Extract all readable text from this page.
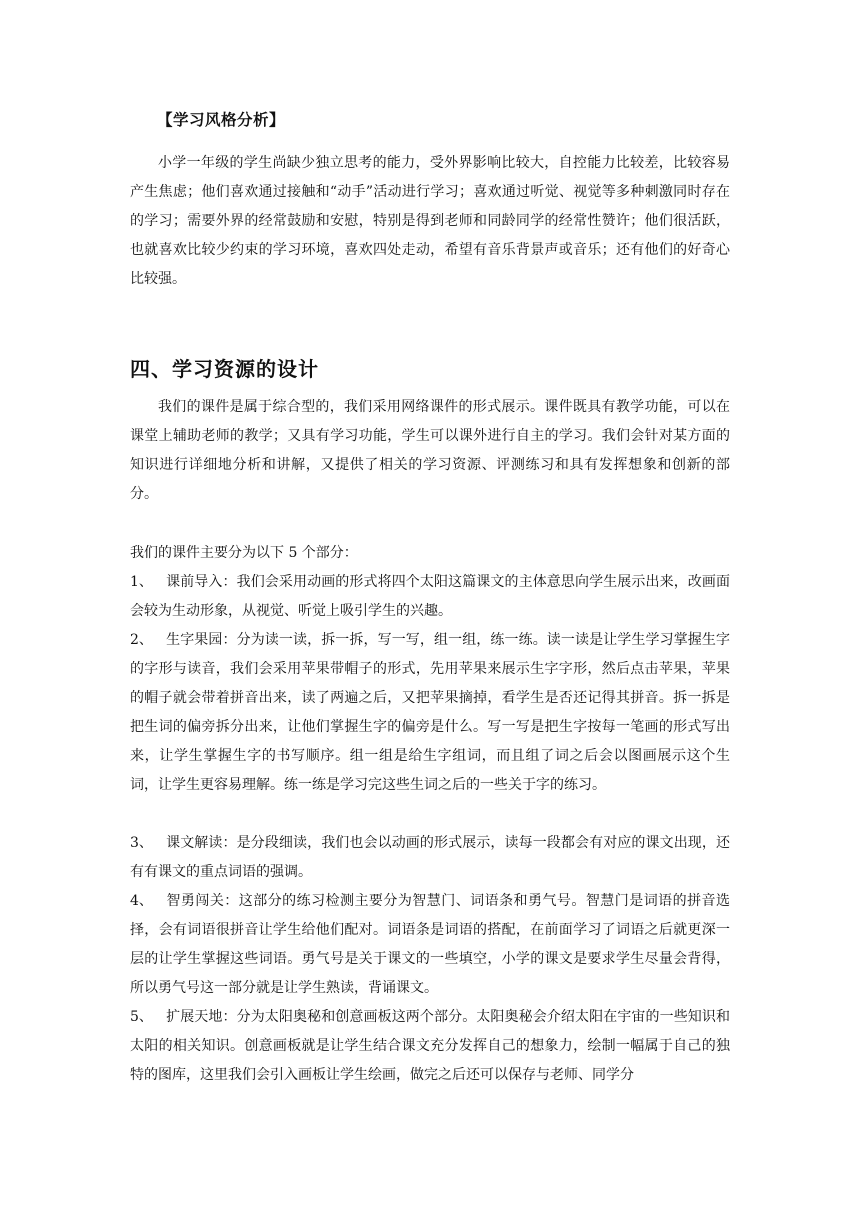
【学习风格分析】

小学一年级的学生尚缺少独立思考的能力，受外界影响比较大，自控能力比较差，比较容易产生焦虑；他们喜欢通过接触和“动手”活动进行学习；喜欢通过听觉、视觉等多种刺激同时存在的学习；需要外界的经常鼓励和安慰，特别是得到老师和同龄同学的经常性赞许；他们很活跃，也就喜欢比较少约束的学习环境，喜欢四处走动，希望有音乐背景声或音乐；还有他们的好奇心比较强。

四、学习资源的设计

我们的课件是属于综合型的，我们采用网络课件的形式展示。课件既具有教学功能，可以在课堂上辅助老师的教学；又具有学习功能，学生可以课外进行自主的学习。我们会针对某方面的知识进行详细地分析和讲解，又提供了相关的学习资源、评测练习和具有发挥想象和创新的部分。

我们的课件主要分为以下 5 个部分：

1、 课前导入：我们会采用动画的形式将四个太阳这篇课文的主体意思向学生展示出来，改画面会较为生动形象，从视觉、听觉上吸引学生的兴趣。

2、 生字果园：分为读一读，拆一拆，写一写，组一组，练一练。读一读是让学生学习掌握生字的字形与读音，我们会采用苹果带帽子的形式，先用苹果来展示生字字形，然后点击苹果，苹果的帽子就会带着拼音出来，读了两遍之后，又把苹果摘掉，看学生是否还记得其拼音。拆一拆是把生词的偏旁拆分出来，让他们掌握生字的偏旁是什么。写一写是把生字按每一笔画的形式写出来，让学生掌握生字的书写顺序。组一组是给生字组词，而且组了词之后会以图画展示这个生词，让学生更容易理解。练一练是学习完这些生词之后的一些关于字的练习。

3、 课文解读：是分段细读，我们也会以动画的形式展示，读每一段都会有对应的课文出现，还有有课文的重点词语的强调。

4、 智勇闯关：这部分的练习检测主要分为智慧门、词语条和勇气号。智慧门是词语的拼音选择，会有词语很拼音让学生给他们配对。词语条是词语的搭配，在前面学习了词语之后就更深一层的让学生掌握这些词语。勇气号是关于课文的一些填空，小学的课文是要求学生尽量会背得，所以勇气号这一部分就是让学生熟读，背诵课文。

5、 扩展天地：分为太阳奥秘和创意画板这两个部分。太阳奥秘会介绍太阳在宇宙的一些知识和太阳的相关知识。创意画板就是让学生结合课文充分发挥自己的想象力，绘制一幅属于自己的独特的图库，这里我们会引入画板让学生绘画，做完之后还可以保存与老师、同学分
